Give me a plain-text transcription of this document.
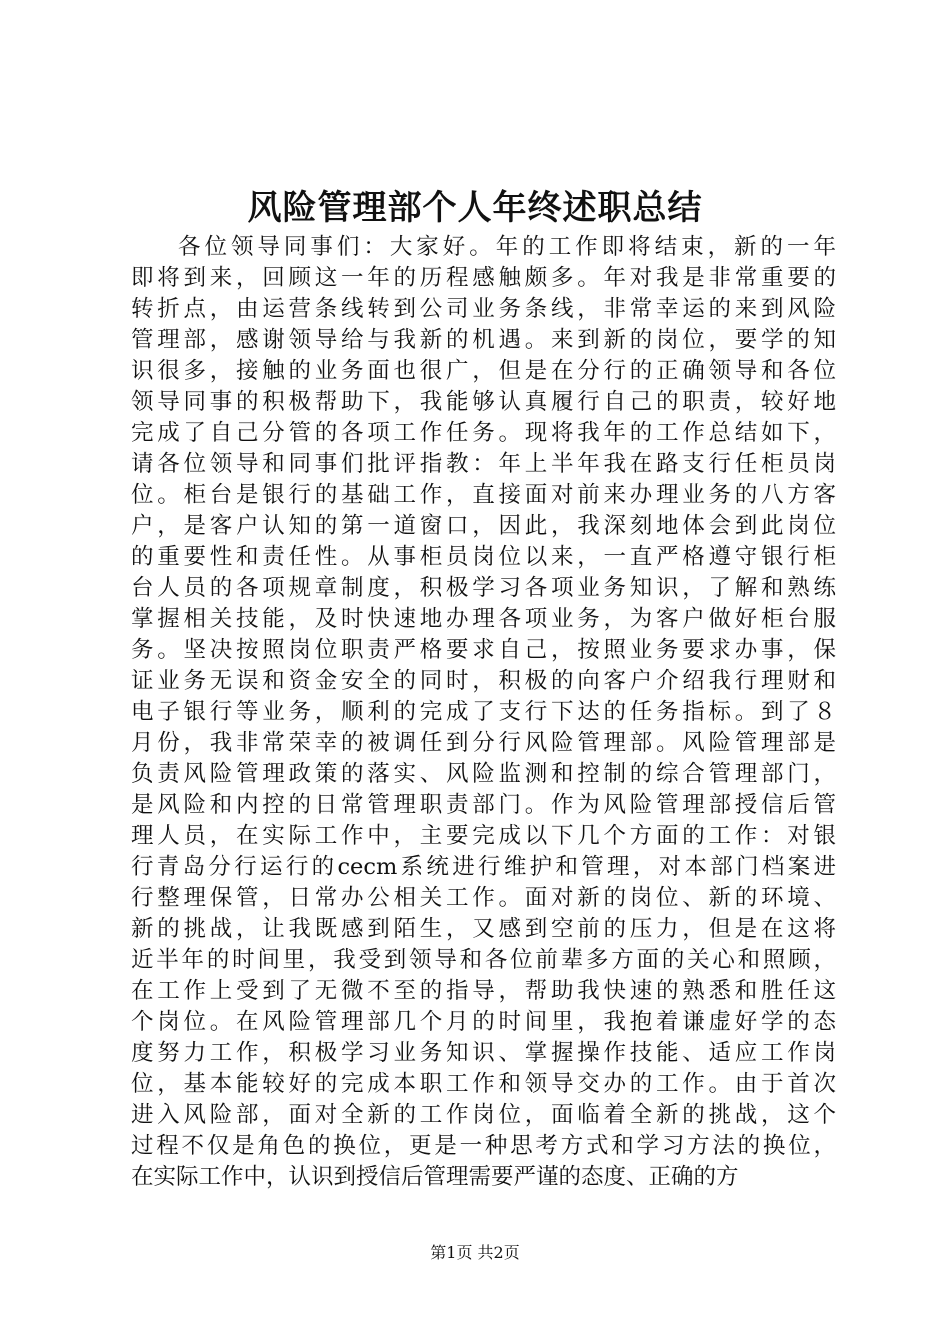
风险管理部个人年终述职总结
各位领导同事们：大家好。年的工作即将结束，新的一年
即将到来，回顾这一年的历程感触颇多。年对我是非常重要的
转折点，由运营条线转到公司业务条线，非常幸运的来到风险
管理部，感谢领导给与我新的机遇。来到新的岗位，要学的知
识很多，接触的业务面也很广，但是在分行的正确领导和各位
领导同事的积极帮助下，我能够认真履行自己的职责，较好地
完成了自己分管的各项工作任务。现将我年的工作总结如下，
请各位领导和同事们批评指教：年上半年我在路支行任柜员岗
位。柜台是银行的基础工作，直接面对前来办理业务的八方客
户，是客户认知的第一道窗口，因此，我深刻地体会到此岗位
的重要性和责任性。从事柜员岗位以来，一直严格遵守银行柜
台人员的各项规章制度，积极学习各项业务知识，了解和熟练
掌握相关技能，及时快速地办理各项业务，为客户做好柜台服
务。坚决按照岗位职责严格要求自己，按照业务要求办事，保
证业务无误和资金安全的同时，积极的向客户介绍我行理财和
电子银行等业务，顺利的完成了支行下达的任务指标。到了８
月份，我非常荣幸的被调任到分行风险管理部。风险管理部是
负责风险管理政策的落实、风险监测和控制的综合管理部门，
是风险和内控的日常管理职责部门。作为风险管理部授信后管
理人员，在实际工作中，主要完成以下几个方面的工作：对银
行青岛分行运行的cecm系统进行维护和管理，对本部门档案进
行整理保管，日常办公相关工作。面对新的岗位、新的环境、
新的挑战，让我既感到陌生，又感到空前的压力，但是在这将
近半年的时间里，我受到领导和各位前辈多方面的关心和照顾，
在工作上受到了无微不至的指导，帮助我快速的熟悉和胜任这
个岗位。在风险管理部几个月的时间里，我抱着谦虚好学的态
度努力工作，积极学习业务知识、掌握操作技能、适应工作岗
位，基本能较好的完成本职工作和领导交办的工作。由于首次
进入风险部，面对全新的工作岗位，面临着全新的挑战，这个
过程不仅是角色的换位，更是一种思考方式和学习方法的换位，
在实际工作中，认识到授信后管理需要严谨的态度、正确的方
第1页 共2页
